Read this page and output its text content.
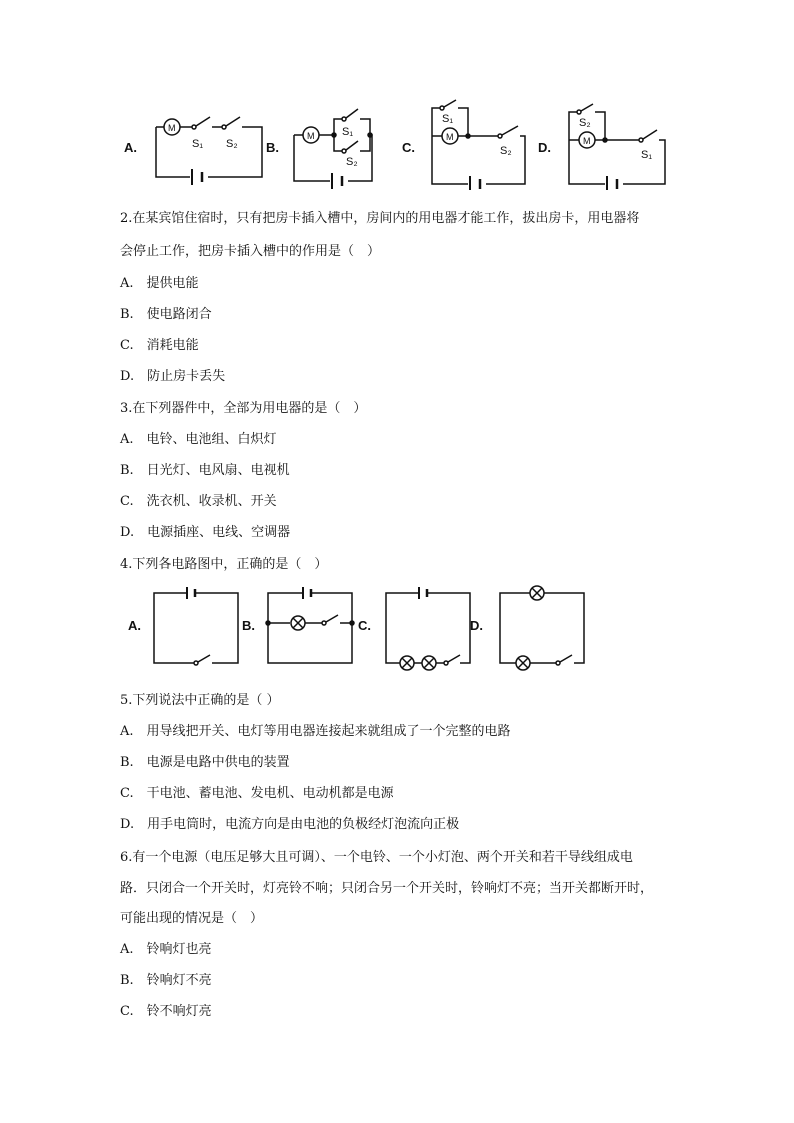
A.
M
S₁ S₂ B.
M	S₁
S₂
C.
M
S₁
S₂ D.	M
S₂
S₁
2.在某宾馆住宿时，只有把房卡插入槽中，房间内的用电器才能工作，拔出房卡，用电器将
会停止工作，把房卡插入槽中的作用是（　）
A.　提供电能
B.　使电路闭合
C.　消耗电能
D.　防止房卡丢失
3.在下列器件中，全部为用电器的是（　）
A.　电铃、电池组、白炽灯
B.　日光灯、电风扇、电视机
C.　洗衣机、收录机、开关
D.　电源插座、电线、空调器
4.下列各电路图中，正确的是（　）
A.	B.	C.	D.
5.下列说法中正确的是（ ）
A.　用导线把开关、电灯等用电器连接起来就组成了一个完整的电路
B.　电源是电路中供电的装置
C.　干电池、蓄电池、发电机、电动机都是电源
D.　用手电筒时，电流方向是由电池的负极经灯泡流向正极
6.有一个电源（电压足够大且可调）、一个电铃、一个小灯泡、两个开关和若干导线组成电
路．只闭合一个开关时，灯亮铃不响；只闭合另一个开关时，铃响灯不亮；当开关都断开时，
可能出现的情况是（　）
A.　铃响灯也亮
B.　铃响灯不亮
C.　铃不响灯亮
